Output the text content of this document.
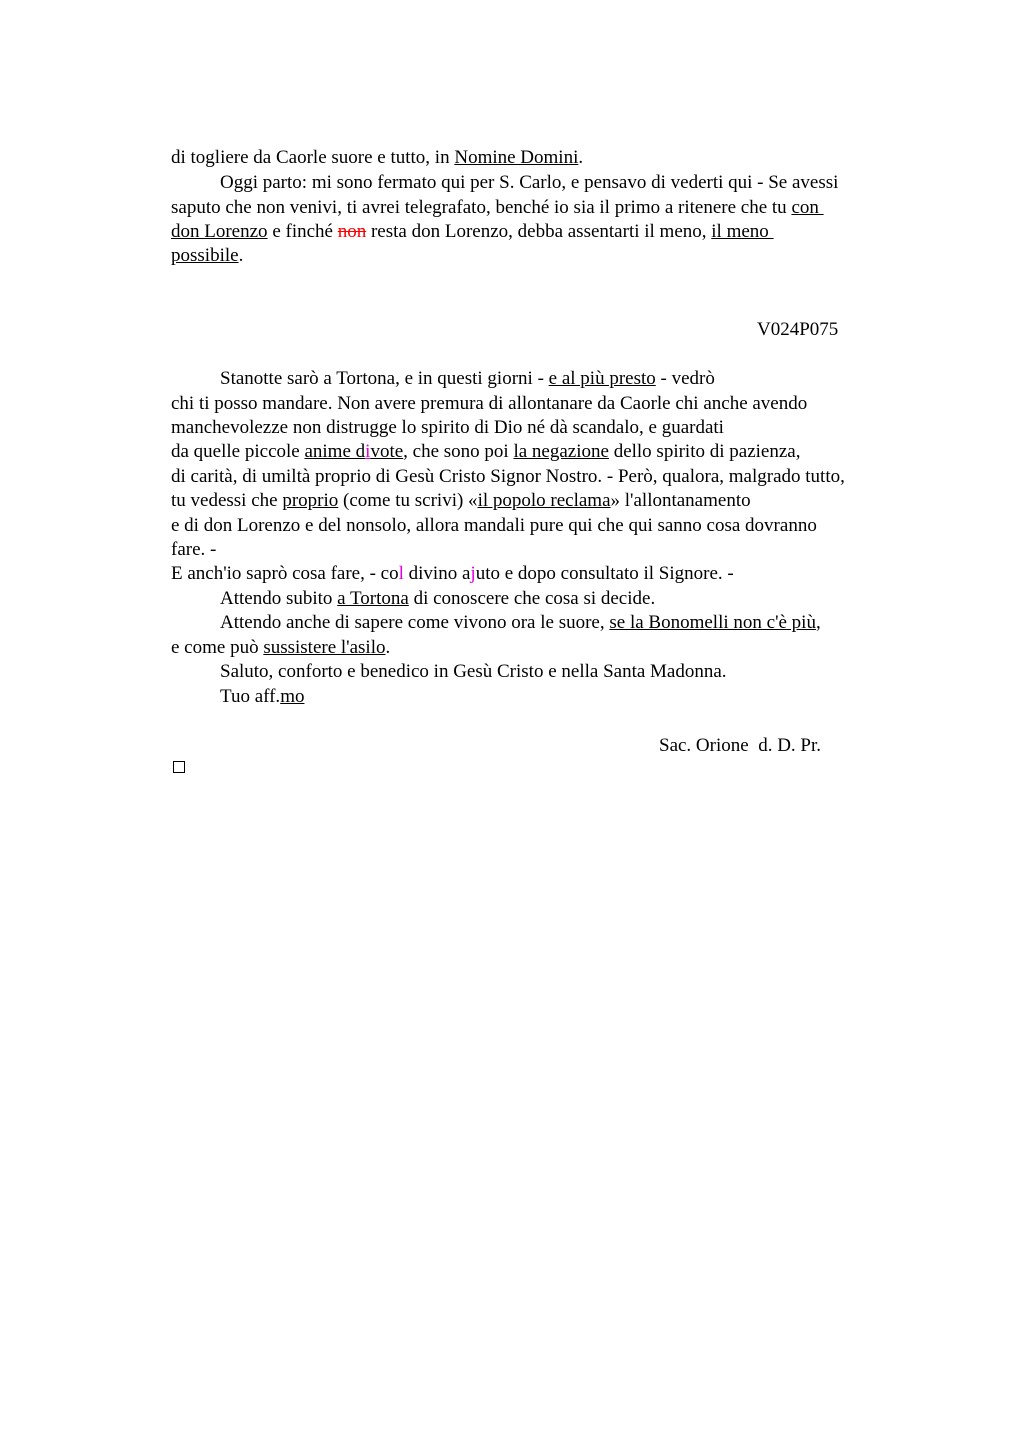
di togliere da Caorle suore e tutto, in Nomine Domini.
Oggi parto: mi sono fermato qui per S. Carlo, e pensavo di vederti qui - Se avessi
saputo che non venivi, ti avrei telegrafato, benché io sia il primo a ritenere che tu con
don Lorenzo e finché non resta don Lorenzo, debba assentarti il meno, il meno
possibile.
V024P075
Stanotte sarò a Tortona, e in questi giorni - e al più presto - vedrò
chi ti posso mandare. Non avere premura di allontanare da Caorle chi anche avendo
manchevolezze non distrugge lo spirito di Dio né dà scandalo, e guardati
da quelle piccole anime divote, che sono poi la negazione dello spirito di pazienza,
di carità, di umiltà proprio di Gesù Cristo Signor Nostro. - Però, qualora, malgrado tutto,
tu vedessi che proprio (come tu scrivi) «il popolo reclama» l'allontanamento
e di don Lorenzo e del nonsolo, allora mandali pure qui che qui sanno cosa dovranno
fare. -
E anch'io saprò cosa fare, - col divino ajuto e dopo consultato il Signore. -
Attendo subito a Tortona di conoscere che cosa si decide.
Attendo anche di sapere come vivono ora le suore, se la Bonomelli non c'è più,
e come può sussistere l'asilo.
Saluto, conforto e benedico in Gesù Cristo e nella Santa Madonna.
Tuo aff.mo
Sac. Orione  d. D. Pr.
